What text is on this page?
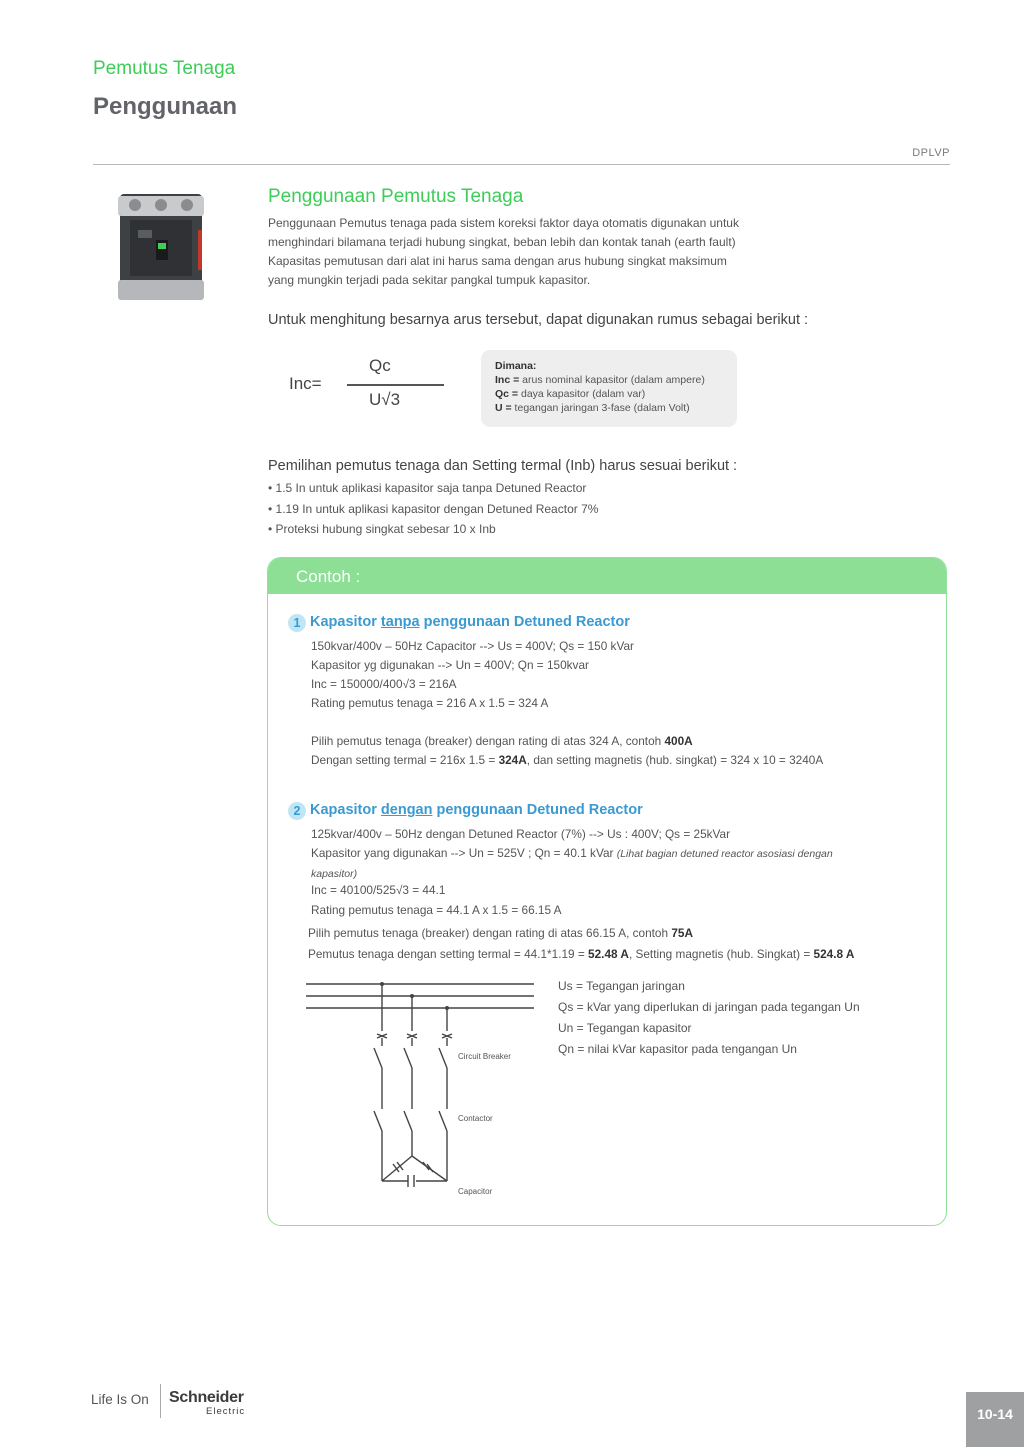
Pemutus Tenaga
Penggunaan
DPLVP
Penggunaan Pemutus Tenaga
Penggunaan Pemutus tenaga pada sistem koreksi faktor daya otomatis digunakan untuk
menghindari bilamana terjadi hubung singkat, beban lebih dan kontak tanah (earth fault)
Kapasitas pemutusan dari alat ini harus sama dengan arus hubung singkat maksimum
yang mungkin terjadi pada sekitar pangkal tumpuk kapasitor.
Untuk menghitung besarnya arus tersebut, dapat digunakan rumus sebagai berikut :
Inc=
Qc
U√3
Dimana:
Inc = arus nominal kapasitor (dalam ampere)
Qc = daya kapasitor (dalam var)
U = tegangan jaringan 3-fase (dalam Volt)
Pemilihan pemutus tenaga dan Setting termal (Inb) harus sesuai berikut :
• 1.5 In untuk aplikasi kapasitor saja tanpa Detuned Reactor
• 1.19 In untuk aplikasi kapasitor dengan Detuned Reactor 7%
• Proteksi hubung singkat sebesar 10 x Inb
Contoh :
1 Kapasitor tanpa penggunaan Detuned Reactor
150kvar/400v – 50Hz Capacitor --> Us = 400V; Qs = 150 kVar
Kapasitor yg digunakan --> Un = 400V; Qn = 150kvar
Inc = 150000/400√3 = 216A
Rating pemutus tenaga = 216 A x 1.5 = 324 A
Pilih pemutus tenaga (breaker) dengan rating di atas 324 A, contoh 400A
Dengan setting termal = 216x 1.5 = 324A, dan setting magnetis (hub. singkat) = 324 x 10 = 3240A
2 Kapasitor dengan penggunaan Detuned Reactor
125kvar/400v – 50Hz dengan Detuned Reactor (7%) --> Us : 400V; Qs = 25kVar
Kapasitor yang digunakan --> Un = 525V ; Qn = 40.1 kVar (Lihat bagian detuned reactor asosiasi dengan
kapasitor)
Inc = 40100/525√3 = 44.1
Rating pemutus tenaga = 44.1 A x 1.5 = 66.15 A
Pilih pemutus tenaga (breaker) dengan rating di atas 66.15 A, contoh 75A
Pemutus tenaga dengan setting termal = 44.1*1.19 = 52.48 A, Setting magnetis (hub. Singkat) = 524.8 A
Circuit Breaker
Contactor
Capacitor
Us = Tegangan jaringan
Qs = kVar yang diperlukan di jaringan pada tegangan Un
Un = Tegangan kapasitor
Qn = nilai kVar kapasitor pada tengangan Un
Life Is On Schneider
Electric	10-14
